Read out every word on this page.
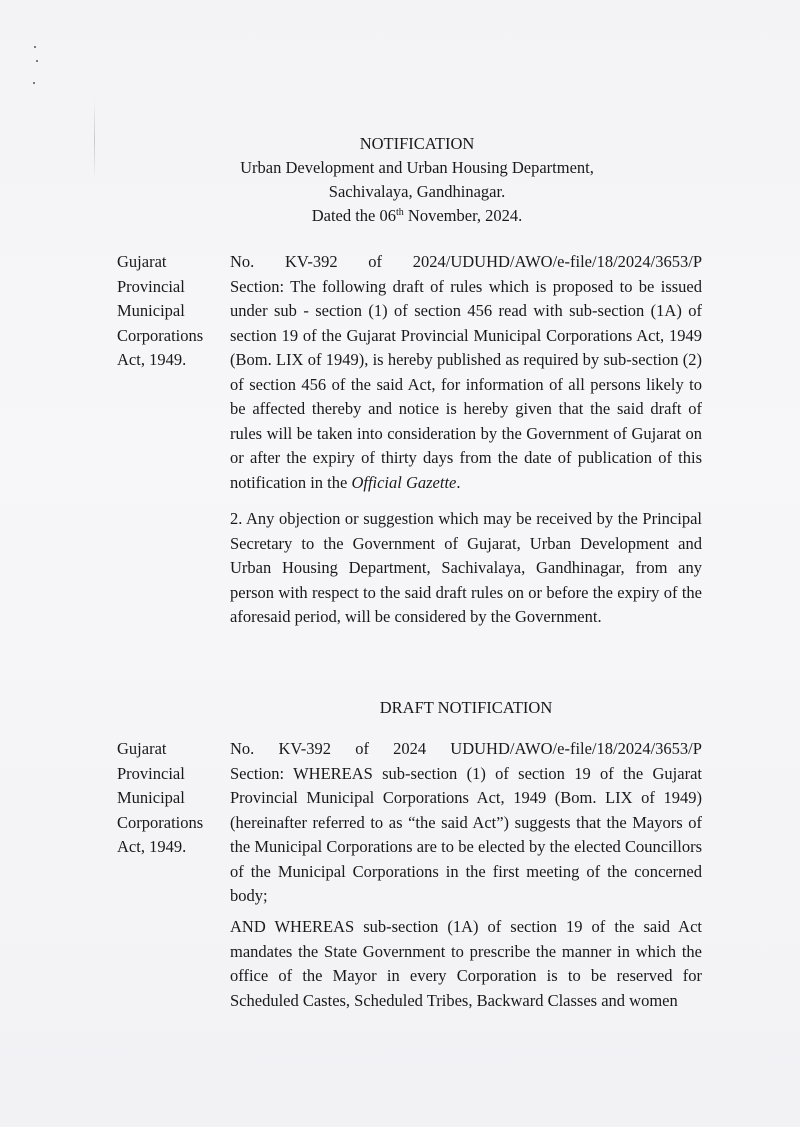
NOTIFICATION
Urban Development and Urban Housing Department,
Sachivalaya, Gandhinagar.
Dated the 06th November, 2024.
Gujarat
Provincial
Municipal
Corporations
Act, 1949.
No. KV-392 of 2024/UDUHD/AWO/e-file/18/2024/3653/P

Section: The following draft of rules which is proposed to be issued under sub - section (1) of section 456 read with sub-section (1A) of section 19 of the Gujarat Provincial Municipal Corporations Act, 1949 (Bom. LIX of 1949), is hereby published as required by sub-section (2) of section 456 of the said Act, for information of all persons likely to be affected thereby and notice is hereby given that the said draft of rules will be taken into consideration by the Government of Gujarat on or after the expiry of thirty days from the date of publication of this notification in the Official Gazette.

2. Any objection or suggestion which may be received by the Principal Secretary to the Government of Gujarat, Urban Development and Urban Housing Department, Sachivalaya, Gandhinagar, from any person with respect to the said draft rules on or before the expiry of the aforesaid period, will be considered by the Government.

DRAFT NOTIFICATION
Gujarat
Provincial
Municipal
Corporations
Act, 1949.
No. KV-392 of 2024 UDUHD/AWO/e-file/18/2024/3653/P

Section: WHEREAS sub-section (1) of section 19 of the Gujarat Provincial Municipal Corporations Act, 1949 (Bom. LIX of 1949) (hereinafter referred to as “the said Act”) suggests that the Mayors of the Municipal Corporations are to be elected by the elected Councillors of the Municipal Corporations in the first meeting of the concerned body;

AND WHEREAS sub-section (1A) of section 19 of the said Act mandates the State Government to prescribe the manner in which the office of the Mayor in every Corporation is to be reserved for Scheduled Castes, Scheduled Tribes, Backward Classes and women
